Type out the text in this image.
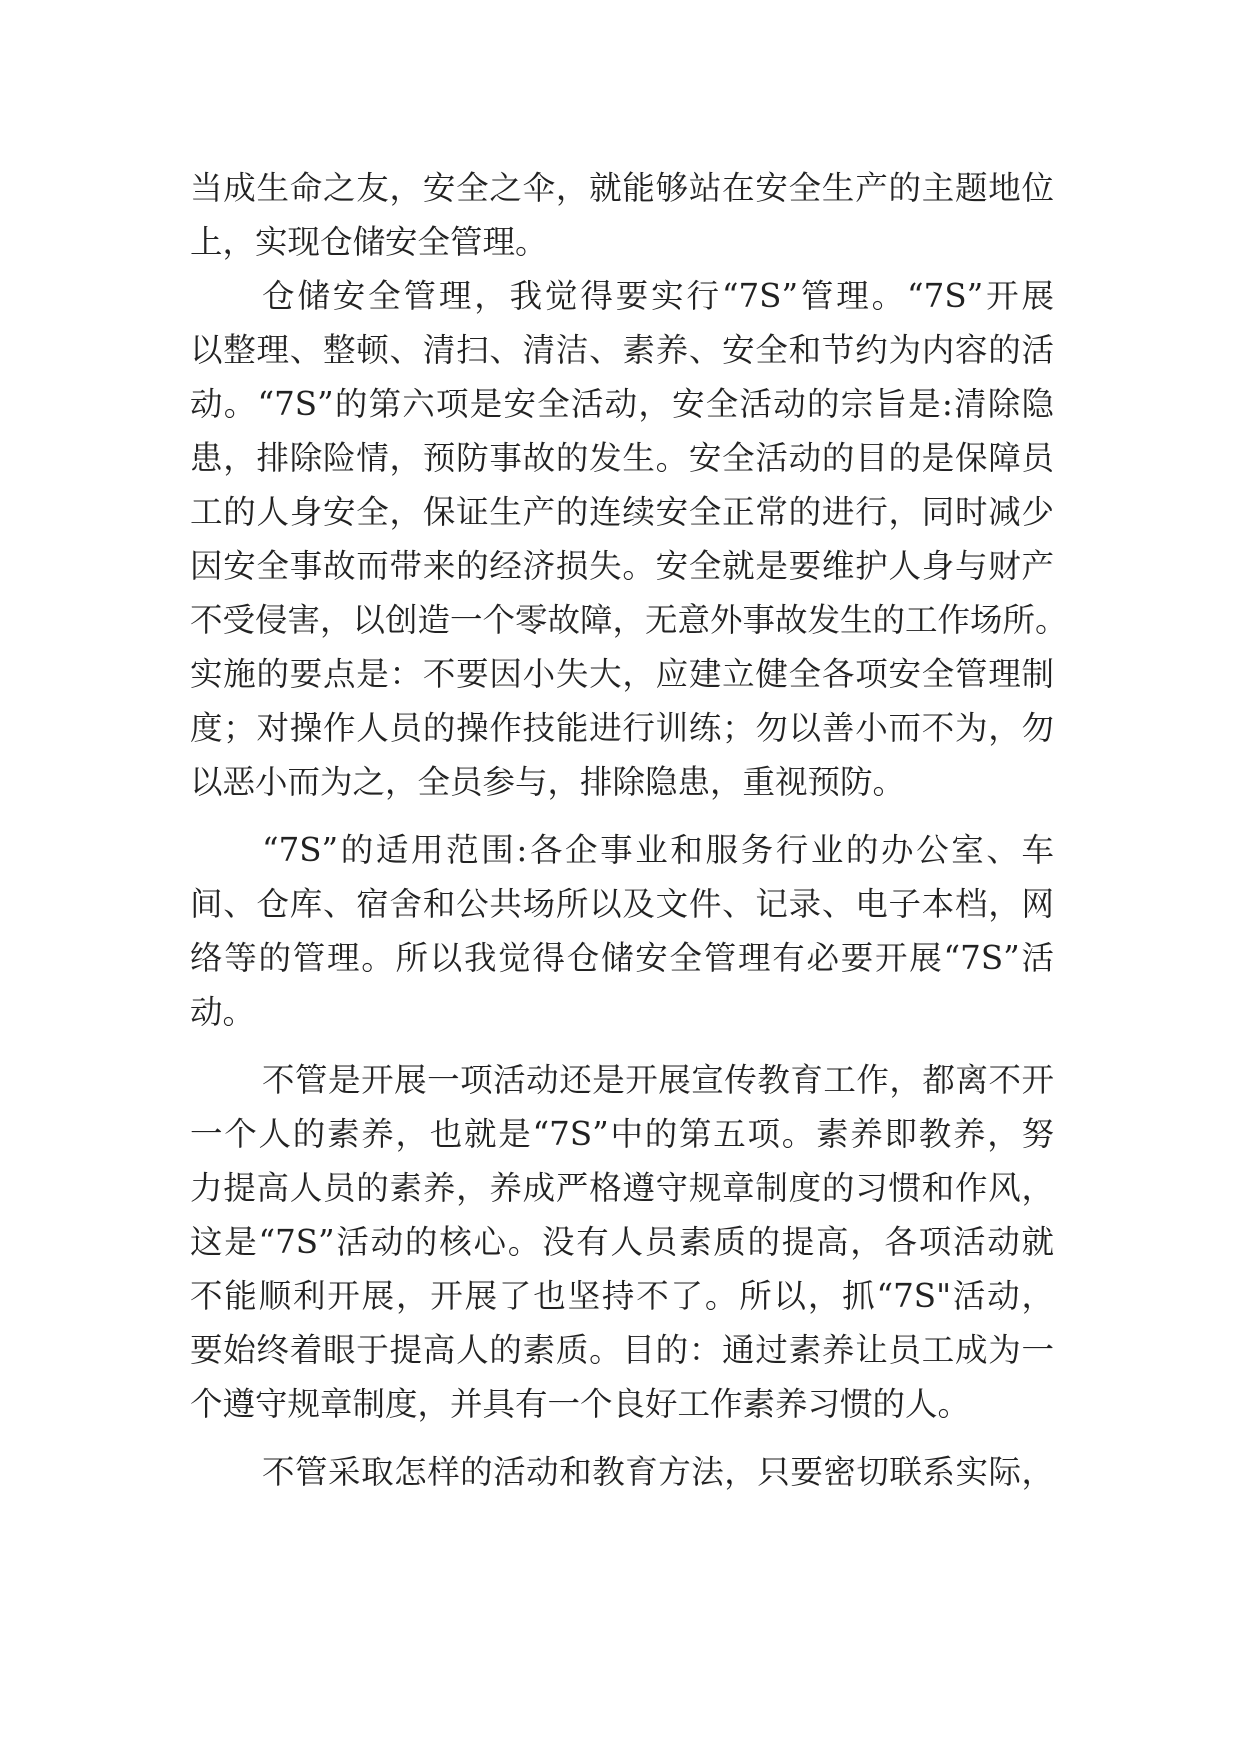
当成生命之友，安全之伞，就能够站在安全生产的主题地位
上，实现仓储安全管理。
仓储安全管理，我觉得要实行“7S”管理。“7S”开展
以整理、整顿、清扫、清洁、素养、安全和节约为内容的活
动。“7S”的第六项是安全活动，安全活动的宗旨是:清除隐
患，排除险情，预防事故的发生。安全活动的目的是保障员
工的人身安全，保证生产的连续安全正常的进行，同时减少
因安全事故而带来的经济损失。安全就是要维护人身与财产
不受侵害，以创造一个零故障，无意外事故发生的工作场所。
实施的要点是：不要因小失大，应建立健全各项安全管理制
度；对操作人员的操作技能进行训练；勿以善小而不为，勿
以恶小而为之，全员参与，排除隐患，重视预防。
“7S”的适用范围:各企事业和服务行业的办公室、车
间、仓库、宿舍和公共场所以及文件、记录、电子本档，网
络等的管理。所以我觉得仓储安全管理有必要开展“7S”活
动。
不管是开展一项活动还是开展宣传教育工作，都离不开
一个人的素养，也就是“7S”中的第五项。素养即教养，努
力提高人员的素养，养成严格遵守规章制度的习惯和作风，
这是“7S”活动的核心。没有人员素质的提高，各项活动就
不能顺利开展，开展了也坚持不了。所以，抓“7S"活动，
要始终着眼于提高人的素质。目的：通过素养让员工成为一
个遵守规章制度，并具有一个良好工作素养习惯的人。
不管采取怎样的活动和教育方法，只要密切联系实际，
